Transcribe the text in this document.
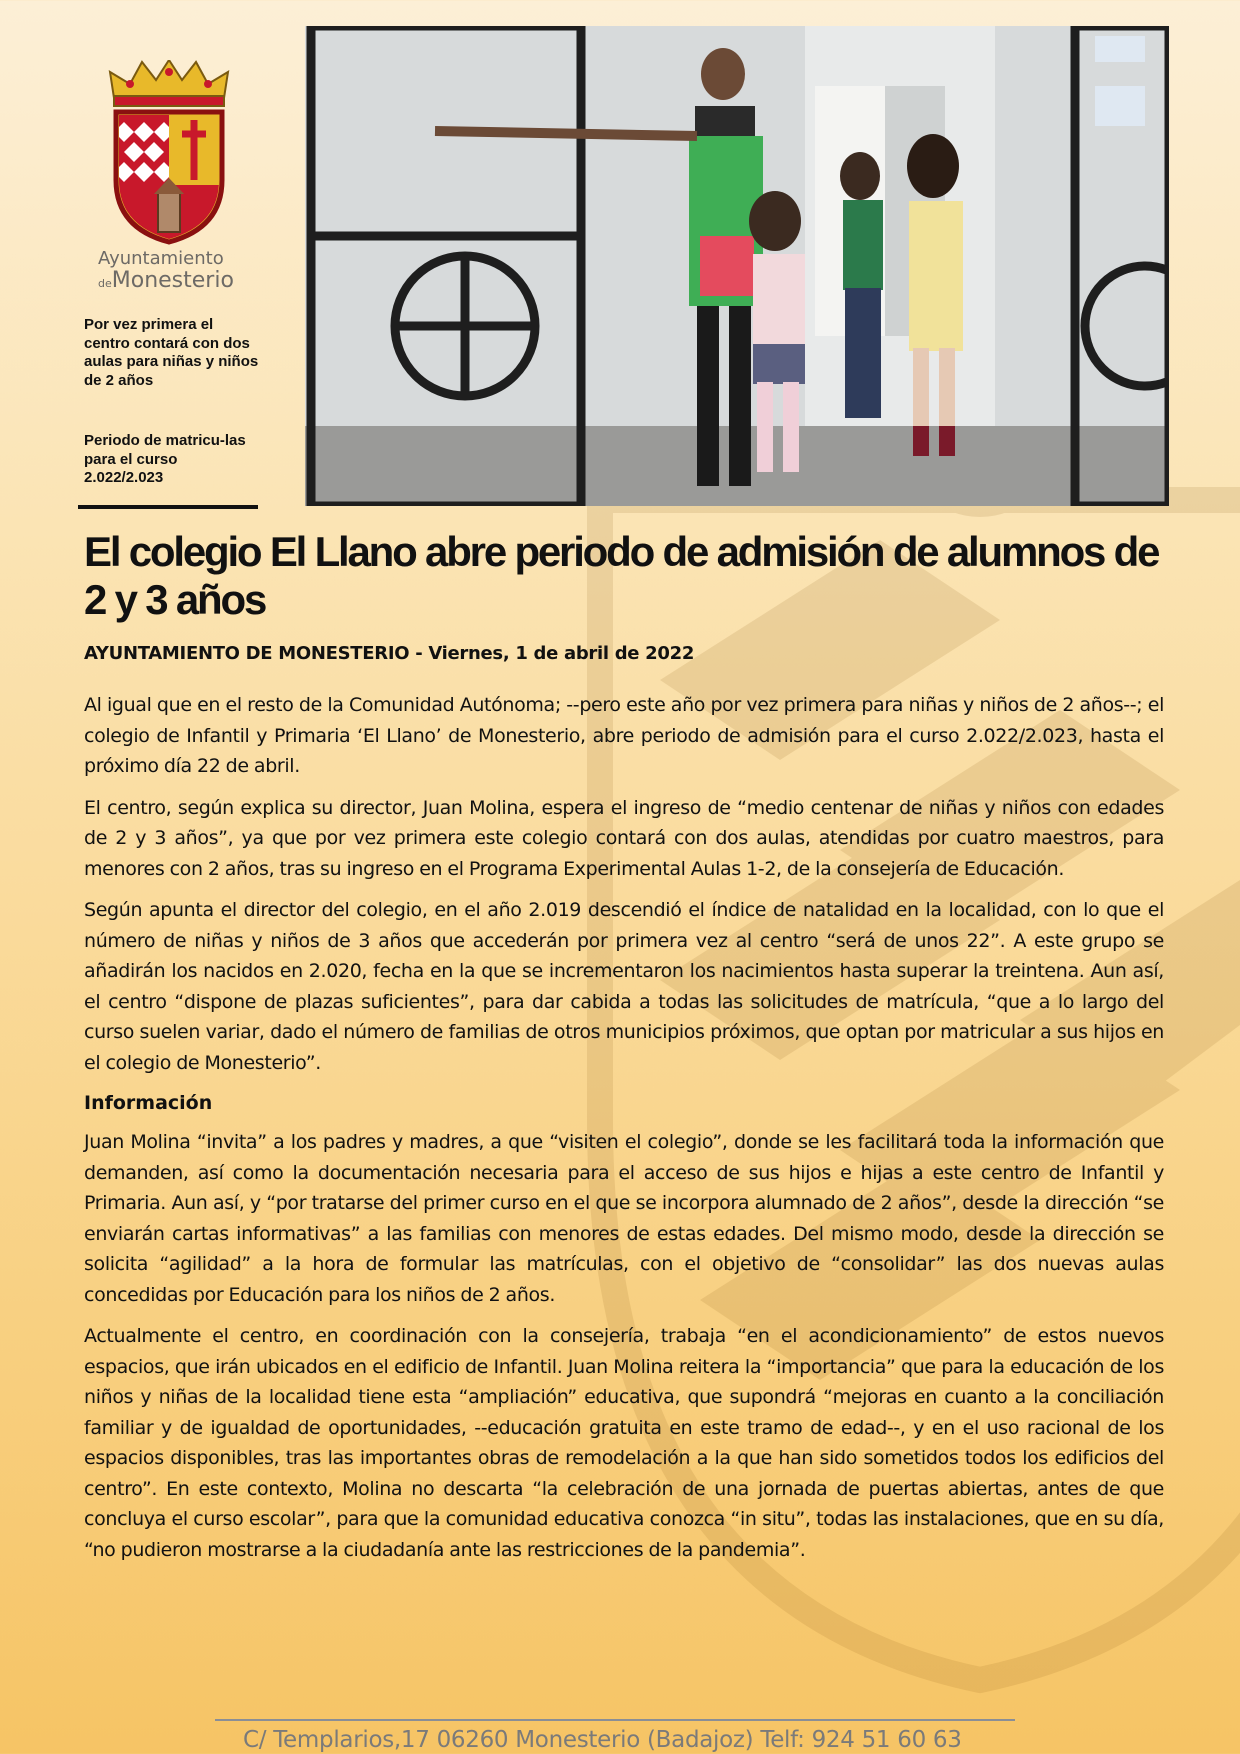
Ayuntamiento
deMonesterio

Por vez primera el centro contará con dos aulas para niñas y niños de 2 años

Periodo de matricu-las para el curso 2.022/2.023

El colegio El Llano abre periodo de admisión de alumnos de 2 y 3 años

AYUNTAMIENTO DE MONESTERIO - Viernes, 1 de abril de 2022

Al igual que en el resto de la Comunidad Autónoma; --pero este año por vez primera para niñas y niños de 2 años--; el colegio de Infantil y Primaria ‘El Llano’ de Monesterio, abre periodo de admisión para el curso 2.022/2.023, hasta el próximo día 22 de abril.

El centro, según explica su director, Juan Molina, espera el ingreso de “medio centenar de niñas y niños con edades de 2 y 3 años”, ya que por vez primera este colegio contará con dos aulas, atendidas por cuatro maestros, para menores con 2 años, tras su ingreso en el Programa Experimental Aulas 1-2, de la consejería de Educación.

Según apunta el director del colegio, en el año 2.019 descendió el índice de natalidad en la localidad, con lo que el número de niñas y niños de 3 años que accederán por primera vez al centro “será de unos 22”. A este grupo se añadirán los nacidos en 2.020, fecha en la que se incrementaron los nacimientos hasta superar la treintena. Aun así, el centro “dispone de plazas suficientes”, para dar cabida a todas las solicitudes de matrícula, “que a lo largo del curso suelen variar, dado el número de familias de otros municipios próximos, que optan por matricular a sus hijos en el colegio de Monesterio”.

Información

Juan Molina “invita” a los padres y madres, a que “visiten el colegio”, donde se les facilitará toda la información que demanden, así como la documentación necesaria para el acceso de sus hijos e hijas a este centro de Infantil y Primaria. Aun así, y “por tratarse del primer curso en el que se incorpora alumnado de 2 años”, desde la dirección “se enviarán cartas informativas” a las familias con menores de estas edades. Del mismo modo, desde la dirección se solicita “agilidad” a la hora de formular las matrículas, con el objetivo de “consolidar” las dos nuevas aulas concedidas por Educación para los niños de 2 años.

Actualmente el centro, en coordinación con la consejería, trabaja “en el acondicionamiento” de estos nuevos espacios, que irán ubicados en el edificio de Infantil. Juan Molina reitera la “importancia” que para la educación de los niños y niñas de la localidad tiene esta “ampliación” educativa, que supondrá “mejoras en cuanto a la conciliación familiar y de igualdad de oportunidades, --educación gratuita en este tramo de edad--, y en el uso racional de los espacios disponibles, tras las importantes obras de remodelación a la que han sido sometidos todos los edificios del centro”. En este contexto, Molina no descarta “la celebración de una jornada de puertas abiertas, antes de que concluya el curso escolar”, para que la comunidad educativa conozca “in situ”, todas las instalaciones, que en su día, “no pudieron mostrarse a la ciudadanía ante las restricciones de la pandemia”.

C/ Templarios,17 06260 Monesterio (Badajoz) Telf: 924 51 60 63
